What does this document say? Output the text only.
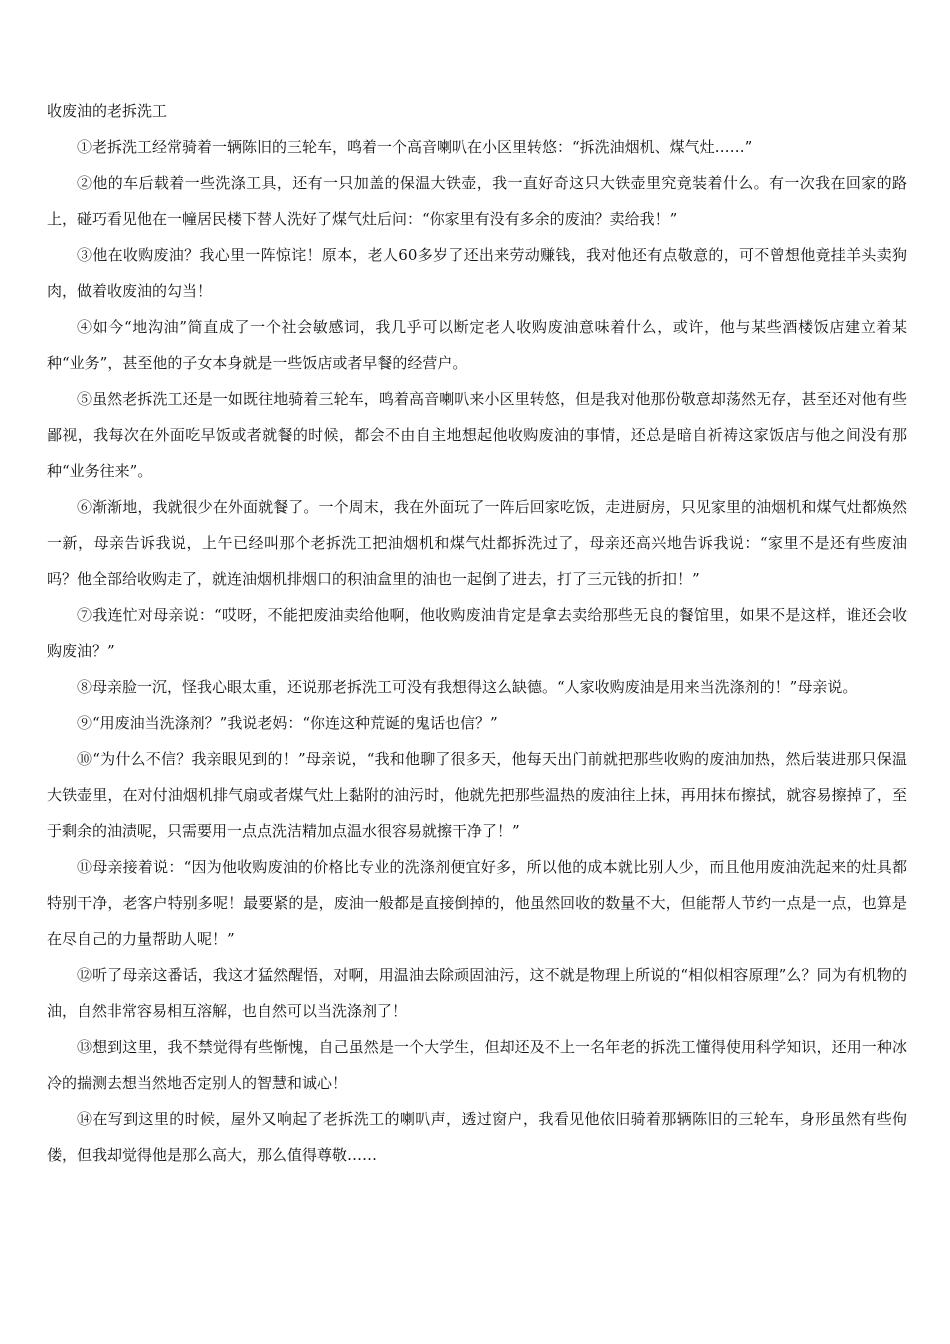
收废油的老拆洗工

①老拆洗工经常骑着一辆陈旧的三轮车，鸣着一个高音喇叭在小区里转悠：“拆洗油烟机、煤气灶……”

②他的车后载着一些洗涤工具，还有一只加盖的保温大铁壶，我一直好奇这只大铁壶里究竟装着什么。有一次我在回家的路上，碰巧看见他在一幢居民楼下替人洗好了煤气灶后问：“你家里有没有多余的废油？卖给我！”

③他在收购废油？我心里一阵惊诧！原本，老人60多岁了还出来劳动赚钱，我对他还有点敬意的，可不曾想他竟挂羊头卖狗肉，做着收废油的勾当！

④如今“地沟油”简直成了一个社会敏感词，我几乎可以断定老人收购废油意味着什么，或许，他与某些酒楼饭店建立着某种“业务”，甚至他的子女本身就是一些饭店或者早餐的经营户。

⑤虽然老拆洗工还是一如既往地骑着三轮车，鸣着高音喇叭来小区里转悠，但是我对他那份敬意却荡然无存，甚至还对他有些鄙视，我每次在外面吃早饭或者就餐的时候，都会不由自主地想起他收购废油的事情，还总是暗自祈祷这家饭店与他之间没有那种“业务往来”。

⑥渐渐地，我就很少在外面就餐了。一个周末，我在外面玩了一阵后回家吃饭，走进厨房，只见家里的油烟机和煤气灶都焕然一新，母亲告诉我说，上午已经叫那个老拆洗工把油烟机和煤气灶都拆洗过了，母亲还高兴地告诉我说：“家里不是还有些废油吗？他全部给收购走了，就连油烟机排烟口的积油盒里的油也一起倒了进去，打了三元钱的折扣！”

⑦我连忙对母亲说：“哎呀，不能把废油卖给他啊，他收购废油肯定是拿去卖给那些无良的餐馆里，如果不是这样，谁还会收购废油？”

⑧母亲脸一沉，怪我心眼太重，还说那老拆洗工可没有我想得这么缺德。“人家收购废油是用来当洗涤剂的！”母亲说。

⑨“用废油当洗涤剂？”我说老妈：“你连这种荒诞的鬼话也信？”

⑩“为什么不信？我亲眼见到的！”母亲说，“我和他聊了很多天，他每天出门前就把那些收购的废油加热，然后装进那只保温大铁壶里，在对付油烟机排气扇或者煤气灶上黏附的油污时，他就先把那些温热的废油往上抹，再用抹布擦拭，就容易擦掉了，至于剩余的油渍呢，只需要用一点点洗洁精加点温水很容易就擦干净了！”

⑪母亲接着说：“因为他收购废油的价格比专业的洗涤剂便宜好多，所以他的成本就比别人少，而且他用废油洗起来的灶具都特别干净，老客户特别多呢！最要紧的是，废油一般都是直接倒掉的，他虽然回收的数量不大，但能帮人节约一点是一点，也算是在尽自己的力量帮助人呢！”

⑫听了母亲这番话，我这才猛然醒悟，对啊，用温油去除顽固油污，这不就是物理上所说的“相似相容原理”么？同为有机物的油，自然非常容易相互溶解，也自然可以当洗涤剂了！

⑬想到这里，我不禁觉得有些惭愧，自己虽然是一个大学生，但却还及不上一名年老的拆洗工懂得使用科学知识，还用一种冰冷的揣测去想当然地否定别人的智慧和诚心！

⑭在写到这里的时候，屋外又响起了老拆洗工的喇叭声，透过窗户，我看见他依旧骑着那辆陈旧的三轮车，身形虽然有些佝偻，但我却觉得他是那么高大，那么值得尊敬……
